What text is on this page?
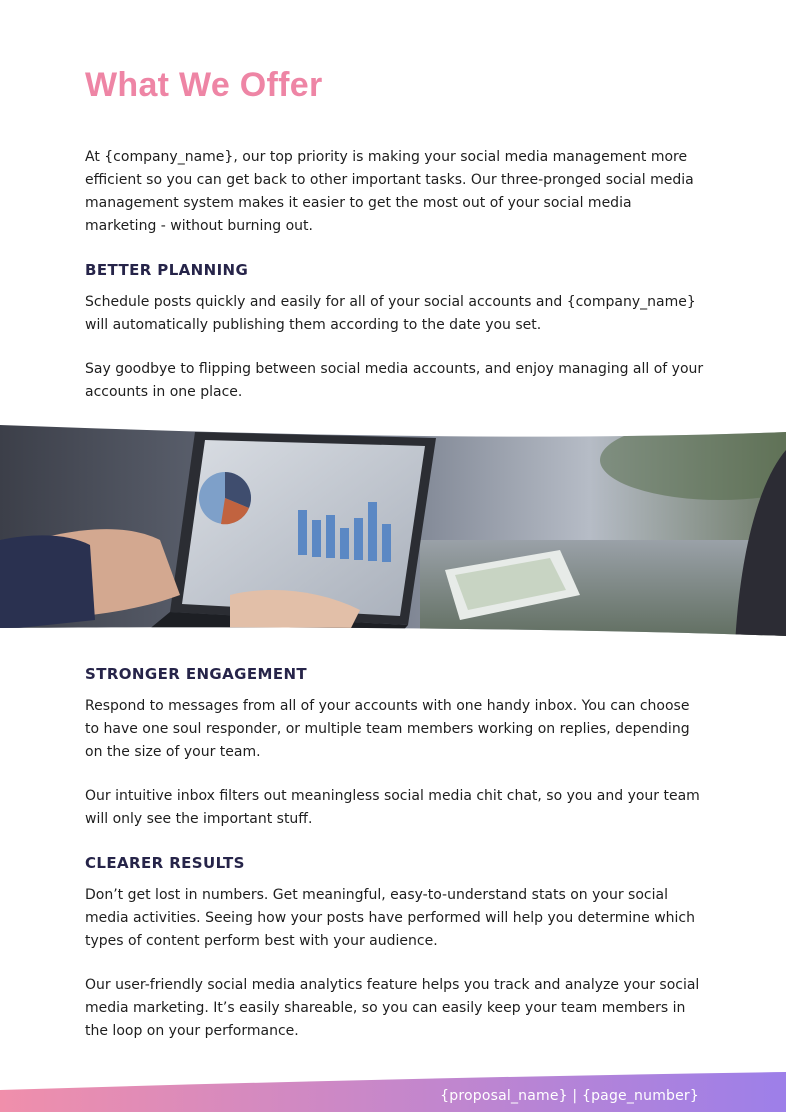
What We Offer

At {company_name}, our top priority is making your social media management more efficient so you can get back to other important tasks. Our three-pronged social media management system makes it easier to get the most out of your social media marketing - without burning out.

BETTER PLANNING

Schedule posts quickly and easily for all of your social accounts and {company_name} will automatically publishing them according to the date you set.

Say goodbye to flipping between social media accounts, and enjoy managing all of your accounts in one place.

STRONGER ENGAGEMENT

Respond to messages from all of your accounts with one handy inbox. You can choose to have one soul responder, or multiple team members working on replies, depending on the size of your team.

Our intuitive inbox filters out meaningless social media chit chat, so you and your team will only see the important stuff.

CLEARER RESULTS

Don’t get lost in numbers. Get meaningful, easy-to-understand stats on your social media activities. Seeing how your posts have performed will help you determine which types of content perform best with your audience.

Our user-friendly social media analytics feature helps you track and analyze your social media marketing. It’s easily shareable, so you can easily keep your team members in the loop on your performance.

{proposal_name} | {page_number}
